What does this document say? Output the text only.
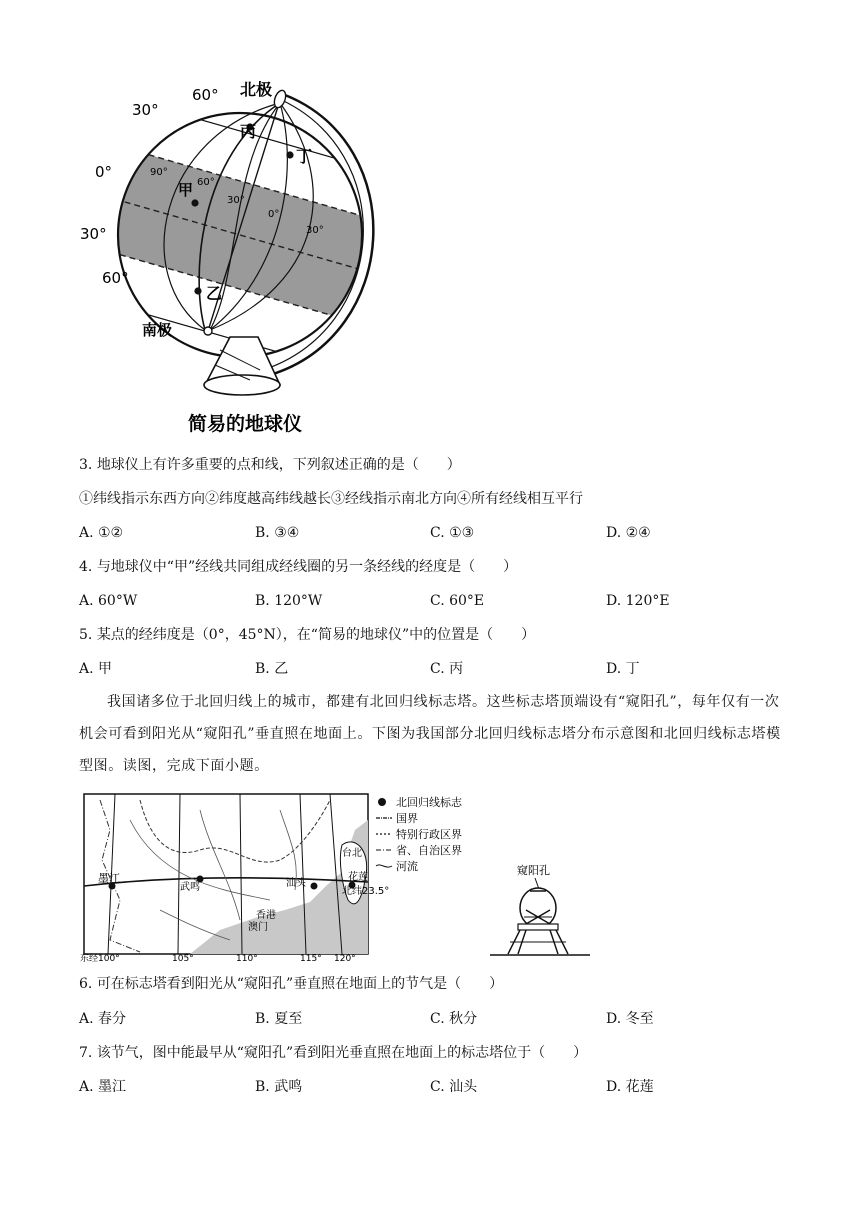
60°
30°
0°
30°
60°
北极
南极
丙
丁
甲
乙
90°
60°
30°
0°
30°
简易的地球仪
3. 地球仪上有许多重要的点和线，下列叙述正确的是（　　）
①纬线指示东西方向②纬度越高纬线越长③经线指示南北方向④所有经线相互平行
A. ①②	B. ③④	C. ①③	D. ②④
4. 与地球仪中“甲”经线共同组成经线圈的另一条经线的经度是（　　）
A. 60°W	B. 120°W	C. 60°E	D. 120°E
5. 某点的经纬度是（0°，45°N），在“简易的地球仪”中的位置是（　　）
A. 甲	B. 乙	C. 丙	D. 丁
我国诸多位于北回归线上的城市，都建有北回归线标志塔。这些标志塔顶端设有“窥阳孔”，每年仅有一次机会可看到阳光从“窥阳孔”垂直照在地面上。下图为我国部分北回归线标志塔分布示意图和北回归线标志塔模型图。读图，完成下面小题。
墨江
武鸣	汕头
台北
花莲
香港
澳门
北纬23.5°
东经100°	105°	110°	115° 120°
北回归线标志
国界
特别行政区界
省、自治区界
河流	窥阳孔
6. 可在标志塔看到阳光从“窥阳孔”垂直照在地面上的节气是（　　）
A. 春分	B. 夏至	C. 秋分	D. 冬至
7. 该节气，图中能最早从“窥阳孔”看到阳光垂直照在地面上的标志塔位于（　　）
A. 墨江	B. 武鸣	C. 汕头	D. 花莲
